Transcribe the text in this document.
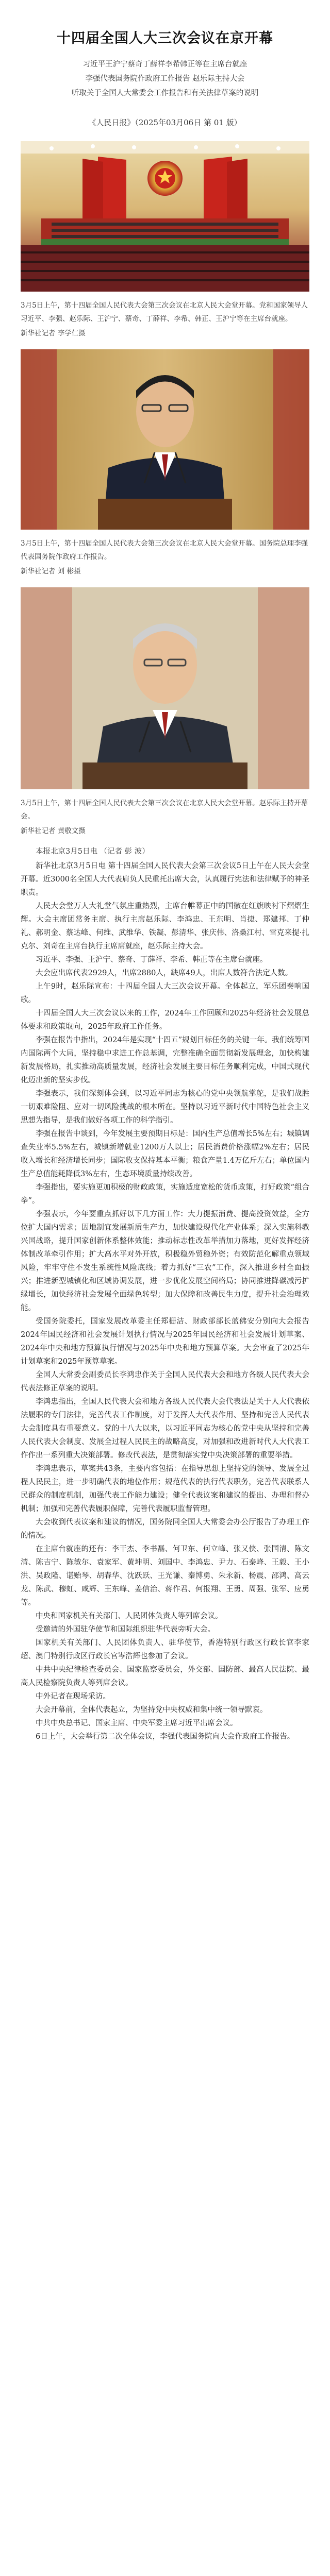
十四届全国人大三次会议在京开幕
习近平王沪宁蔡奇丁薛祥李希韩正等在主席台就座
李强代表国务院作政府工作报告 赵乐际主持大会
听取关于全国人大常委会工作报告和有关法律草案的说明
《人民日报》（2025年03月06日 第 01 版）
3月5日上午，第十四届全国人民代表大会第三次会议在北京人民大会堂开幕。党和国家领导人习近平、李强、赵乐际、王沪宁、蔡奇、丁薛祥、李希、韩正、王沪宁等在主席台就座。
新华社记者 李学仁摄
3月5日上午，第十四届全国人民代表大会第三次会议在北京人民大会堂开幕。国务院总理李强代表国务院作政府工作报告。
新华社记者 刘 彬摄
3月5日上午，第十四届全国人民代表大会第三次会议在北京人民大会堂开幕。赵乐际主持开幕会。
新华社记者 黄敬文摄
本报北京3月5日电 （记者 彭 波）

新华社北京3月5日电 第十四届全国人民代表大会第三次会议5日上午在人民大会堂开幕。近3000名全国人大代表肩负人民重托出席大会，认真履行宪法和法律赋予的神圣职责。

人民大会堂万人大礼堂气氛庄重热烈，主席台帷幕正中的国徽在红旗映衬下熠熠生辉。大会主席团常务主席、执行主席赵乐际、李鸿忠、王东明、肖捷、郑建邦、丁仲礼、郝明金、蔡达峰、何维、武维华、铁凝、彭清华、张庆伟、洛桑江村、雪克来提·扎克尔、刘奇在主席台执行主席席就座，赵乐际主持大会。

习近平、李强、王沪宁、蔡奇、丁薛祥、李希、韩正等在主席台就座。

大会应出席代表2929人，出席2880人，缺席49人，出席人数符合法定人数。

上午9时，赵乐际宣布：十四届全国人大三次会议开幕。全体起立，军乐团奏响国歌。

十四届全国人大三次会议以来的工作，2024年工作回顾和2025年经济社会发展总体要求和政策取向，2025年政府工作任务。

李强在报告中指出，2024年是实现“十四五”规划目标任务的关键一年。我们统筹国内国际两个大局，坚持稳中求进工作总基调，完整准确全面贯彻新发展理念，加快构建新发展格局，扎实推动高质量发展，经济社会发展主要目标任务顺利完成，中国式现代化迈出新的坚实步伐。

李强表示，我们深刻体会到，以习近平同志为核心的党中央领航掌舵，是我们战胜一切艰难险阻、应对一切风险挑战的根本所在。坚持以习近平新时代中国特色社会主义思想为指导，是我们做好各项工作的科学指引。

李强在报告中谈到，今年发展主要预期目标是：国内生产总值增长5%左右；城镇调查失业率5.5%左右，城镇新增就业1200万人以上；居民消费价格涨幅2%左右；居民收入增长和经济增长同步；国际收支保持基本平衡；粮食产量1.4万亿斤左右；单位国内生产总值能耗降低3%左右，生态环境质量持续改善。

李强指出，要实施更加积极的财政政策，实施适度宽松的货币政策，打好政策“组合拳”。

李强表示，今年要重点抓好以下几方面工作：大力提振消费、提高投资效益，全方位扩大国内需求；因地制宜发展新质生产力，加快建设现代化产业体系；深入实施科教兴国战略，提升国家创新体系整体效能；推动标志性改革举措加力落地，更好发挥经济体制改革牵引作用；扩大高水平对外开放，积极稳外贸稳外资；有效防范化解重点领域风险，牢牢守住不发生系统性风险底线；着力抓好“三农”工作，深入推进乡村全面振兴；推进新型城镇化和区域协调发展，进一步优化发展空间格局；协同推进降碳减污扩绿增长，加快经济社会发展全面绿色转型；加大保障和改善民生力度，提升社会治理效能。

受国务院委托，国家发展改革委主任郑栅洁、财政部部长蓝佛安分别向大会报告2024年国民经济和社会发展计划执行情况与2025年国民经济和社会发展计划草案、2024年中央和地方预算执行情况与2025年中央和地方预算草案。大会审查了2025年计划草案和2025年预算草案。

全国人大常委会副委员长李鸿忠作关于全国人民代表大会和地方各级人民代表大会代表法修正草案的说明。

李鸿忠指出，全国人民代表大会和地方各级人民代表大会代表法是关于人大代表依法履职的专门法律，完善代表工作制度，对于发挥人大代表作用、坚持和完善人民代表大会制度具有重要意义。党的十八大以来，以习近平同志为核心的党中央从坚持和完善人民代表大会制度、发展全过程人民民主的战略高度，对加强和改进新时代人大代表工作作出一系列重大决策部署。修改代表法，是贯彻落实党中央决策部署的重要举措。

李鸿忠表示，草案共43条，主要内容包括：在指导思想上坚持党的领导、发展全过程人民民主，进一步明确代表的地位作用；规范代表的执行代表职务，完善代表联系人民群众的制度机制，加强代表工作能力建设；健全代表议案和建议的提出、办理和督办机制；加强和完善代表履职保障，完善代表履职监督管理。

大会收到代表议案和建议的情况，国务院同全国人大常委会办公厅报告了办理工作的情况。

在主席台就座的还有：李干杰、李书磊、何卫东、何立峰、张又侠、张国清、陈文清、陈吉宁、陈敏尔、袁家军、黄坤明、刘国中、李鸿忠、尹力、石泰峰、王毅、王小洪、吴政隆、谌贻琴、胡春华、沈跃跃、王光谦、秦博勇、朱永新、杨震、邵鸿、高云龙、陈武、穆虹、咸辉、王东峰、姜信治、蒋作君、何报翔、王勇、周强、张军、应勇等。

中央和国家机关有关部门、人民团体负责人等列席会议。

受邀请的外国驻华使节和国际组织驻华代表旁听大会。

国家机关有关部门、人民团体负责人、驻华使节，香港特别行政区行政长官李家超、澳门特别行政区行政长官岑浩辉也参加了会议。

中共中央纪律检查委员会、国家监察委员会，外交部、国防部、最高人民法院、最高人民检察院负责人等列席会议。

中外记者在现场采访。

大会开幕前，全体代表起立，为坚持党中央权威和集中统一领导默哀。

中共中央总书记、国家主席、中央军委主席习近平出席会议。

6日上午，大会举行第二次全体会议，李强代表国务院向大会作政府工作报告。
